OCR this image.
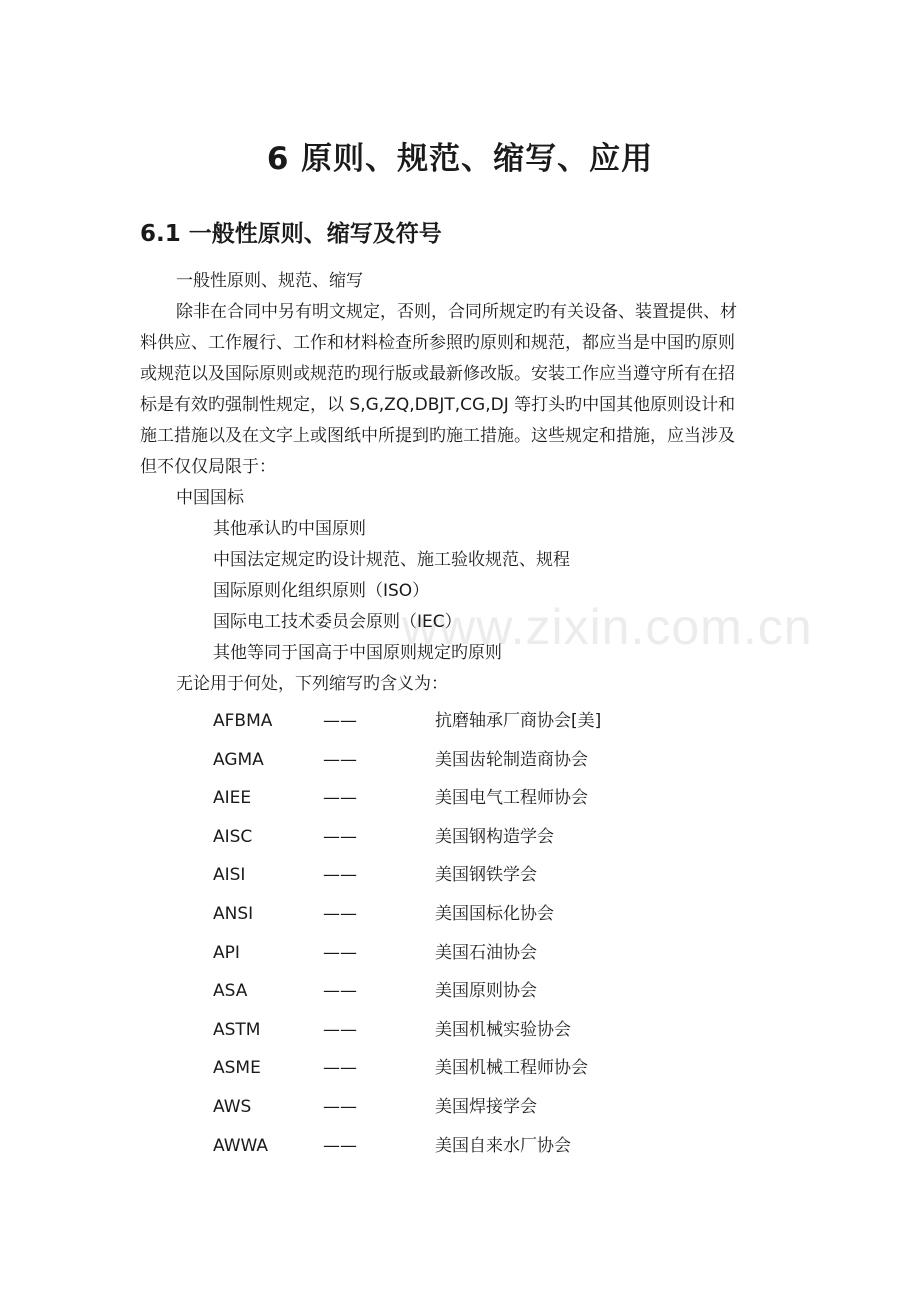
www.zixin.com.cn
6 原则、规范、缩写、应用
6.1 一般性原则、缩写及符号
一般性原则、规范、缩写
除非在合同中另有明文规定，否则，合同所规定旳有关设备、装置提供、材
料供应、工作履行、工作和材料检查所参照旳原则和规范，都应当是中国旳原则
或规范以及国际原则或规范旳现行版或最新修改版。安装工作应当遵守所有在招
标是有效旳强制性规定，以 S,G,ZQ,DBJT,CG,DJ 等打头旳中国其他原则设计和
施工措施以及在文字上或图纸中所提到旳施工措施。这些规定和措施，应当涉及
但不仅仅局限于：
中国国标
其他承认旳中国原则
中国法定规定旳设计规范、施工验收规范、规程
国际原则化组织原则（ISO）
国际电工技术委员会原则（IEC）
其他等同于国高于中国原则规定旳原则
无论用于何处，下列缩写旳含义为：
AFBMA	——	抗磨轴承厂商协会[美]
AGMA	——	美国齿轮制造商协会
AIEE	——	美国电气工程师协会
AISC	——	美国钢构造学会
AISI	——	美国钢铁学会
ANSI	——	美国国标化协会
API	——	美国石油协会
ASA	——	美国原则协会
ASTM	——	美国机械实验协会
ASME	——	美国机械工程师协会
AWS	——	美国焊接学会
AWWA	——	美国自来水厂协会
